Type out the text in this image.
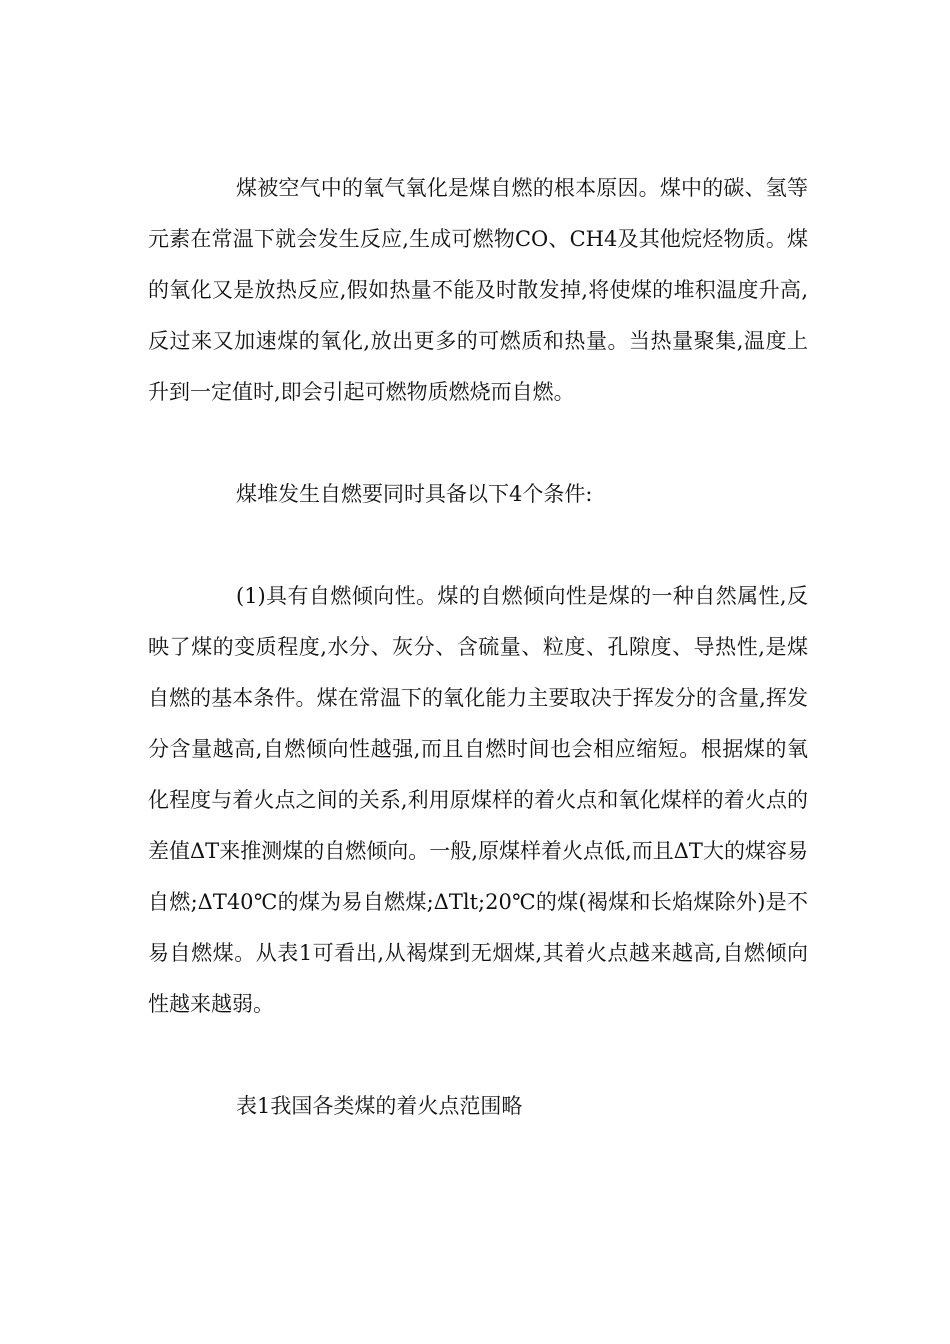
煤被空气中的氧气氧化是煤自燃的根本原因。煤中的碳、氢等元素在常温下就会发生反应,生成可燃物CO、CH4及其他烷烃物质。煤的氧化又是放热反应,假如热量不能及时散发掉,将使煤的堆积温度升高,反过来又加速煤的氧化,放出更多的可燃质和热量。当热量聚集,温度上升到一定值时,即会引起可燃物质燃烧而自燃。

煤堆发生自燃要同时具备以下4个条件:

(1)具有自燃倾向性。煤的自燃倾向性是煤的一种自然属性,反映了煤的变质程度,水分、灰分、含硫量、粒度、孔隙度、导热性,是煤自燃的基本条件。煤在常温下的氧化能力主要取决于挥发分的含量,挥发分含量越高,自燃倾向性越强,而且自燃时间也会相应缩短。根据煤的氧化程度与着火点之间的关系,利用原煤样的着火点和氧化煤样的着火点的差值ΔT来推测煤的自燃倾向。一般,原煤样着火点低,而且ΔT大的煤容易自燃;ΔT40℃的煤为易自燃煤;ΔTlt;20℃的煤(褐煤和长焰煤除外)是不易自燃煤。从表1可看出,从褐煤到无烟煤,其着火点越来越高,自燃倾向性越来越弱。

表1我国各类煤的着火点范围略
